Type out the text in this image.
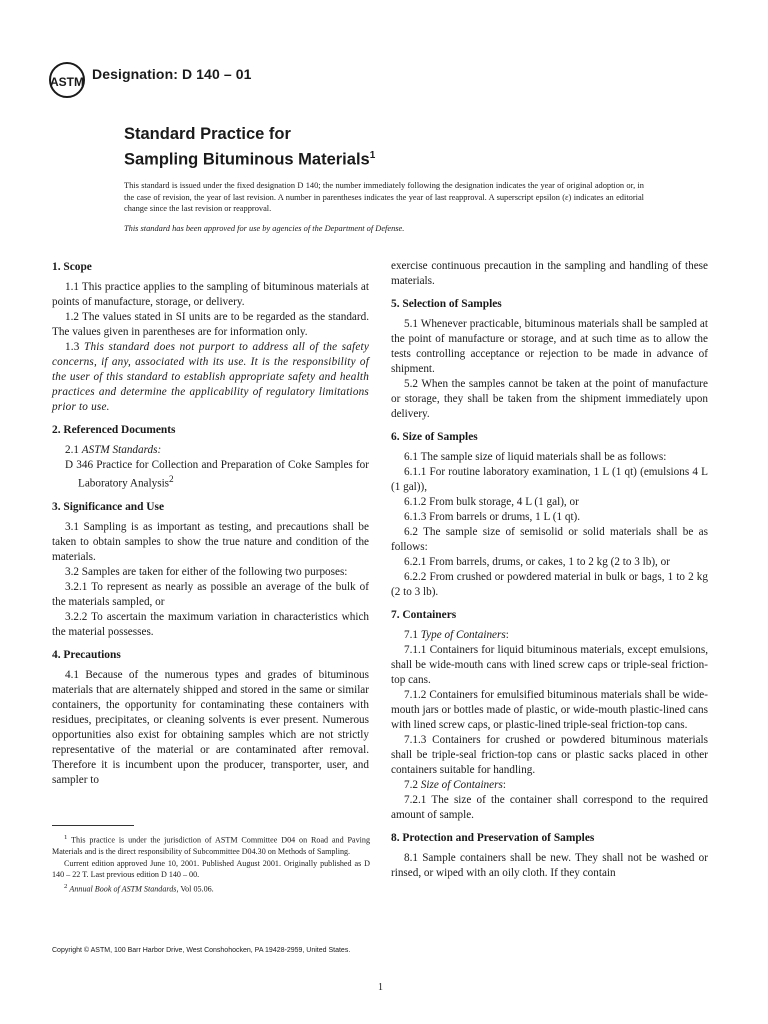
ASTM Designation: D 140 – 01
Standard Practice for
Sampling Bituminous Materials$^1$
This standard is issued under the fixed designation D 140; the number immediately following the designation indicates the year of original adoption or, in the case of revision, the year of last revision. A number in parentheses indicates the year of last reapproval. A superscript epsilon (ε) indicates an editorial change since the last revision or reapproval.
This standard has been approved for use by agencies of the Department of Defense.
1. Scope

1.1 This practice applies to the sampling of bituminous materials at points of manufacture, storage, or delivery.

1.2 The values stated in SI units are to be regarded as the standard. The values given in parentheses are for information only.

1.3 This standard does not purport to address all of the safety concerns, if any, associated with its use. It is the responsibility of the user of this standard to establish appropriate safety and health practices and determine the applicability of regulatory limitations prior to use.

2. Referenced Documents

2.1 ASTM Standards:

D 346 Practice for Collection and Preparation of Coke Samples for Laboratory Analysis$^2$

3. Significance and Use

3.1 Sampling is as important as testing, and precautions shall be taken to obtain samples to show the true nature and condition of the materials.

3.2 Samples are taken for either of the following two purposes:

3.2.1 To represent as nearly as possible an average of the bulk of the materials sampled, or

3.2.2 To ascertain the maximum variation in characteristics which the material possesses.

4. Precautions

4.1 Because of the numerous types and grades of bituminous materials that are alternately shipped and stored in the same or similar containers, the opportunity for contaminating these containers with residues, precipitates, or cleaning solvents is ever present. Numerous opportunities also exist for obtaining samples which are not strictly representative of the material or are contaminated after removal. Therefore it is incumbent upon the producer, transporter, user, and sampler to

exercise continuous precaution in the sampling and handling of these materials.

5. Selection of Samples

5.1 Whenever practicable, bituminous materials shall be sampled at the point of manufacture or storage, and at such time as to allow the tests controlling acceptance or rejection to be made in advance of shipment.

5.2 When the samples cannot be taken at the point of manufacture or storage, they shall be taken from the shipment immediately upon delivery.

6. Size of Samples

6.1 The sample size of liquid materials shall be as follows:

6.1.1 For routine laboratory examination, 1 L (1 qt) (emulsions 4 L (1 gal)),

6.1.2 From bulk storage, 4 L (1 gal), or

6.1.3 From barrels or drums, 1 L (1 qt).

6.2 The sample size of semisolid or solid materials shall be as follows:

6.2.1 From barrels, drums, or cakes, 1 to 2 kg (2 to 3 lb), or

6.2.2 From crushed or powdered material in bulk or bags, 1 to 2 kg (2 to 3 lb).

7. Containers

7.1 Type of Containers:

7.1.1 Containers for liquid bituminous materials, except emulsions, shall be wide-mouth cans with lined screw caps or triple-seal friction-top cans.

7.1.2 Containers for emulsified bituminous materials shall be wide-mouth jars or bottles made of plastic, or wide-mouth plastic-lined cans with lined screw caps, or plastic-lined triple-seal friction-top cans.

7.1.3 Containers for crushed or powdered bituminous materials shall be triple-seal friction-top cans or plastic sacks placed in other containers suitable for handling.

7.2 Size of Containers:

7.2.1 The size of the container shall correspond to the required amount of sample.

8. Protection and Preservation of Samples

8.1 Sample containers shall be new. They shall not be washed or rinsed, or wiped with an oily cloth. If they contain

$^1$ This practice is under the jurisdiction of ASTM Committee D04 on Road and Paving Materials and is the direct responsibility of Subcommittee D04.30 on Methods of Sampling.

Current edition approved June 10, 2001. Published August 2001. Originally published as D 140 – 22 T. Last previous edition D 140 – 00.

$^2$ Annual Book of ASTM Standards, Vol 05.06.

Copyright © ASTM, 100 Barr Harbor Drive, West Conshohocken, PA 19428-2959, United States.
1
